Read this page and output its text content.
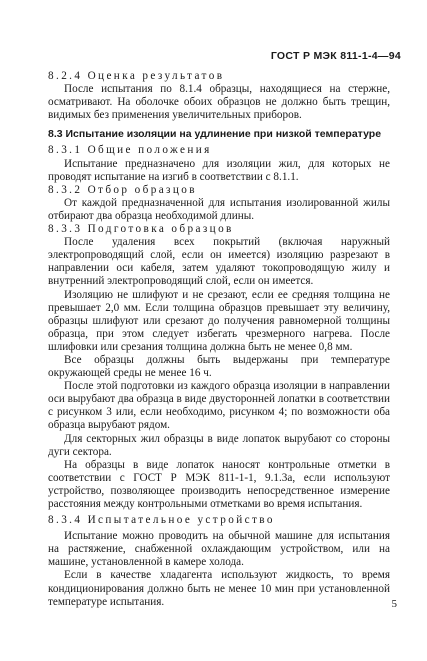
ГОСТ Р МЭК 811-1-4—94

8.2.4 Оценка результатов

После испытания по 8.1.4 образцы, находящиеся на стержне, осматривают. На оболочке обоих образцов не должно быть трещин, видимых без применения увеличительных приборов.

8.3 Испытание изоляции на удлинение при низкой температуре

8.3.1 Общие положения

Испытание предназначено для изоляции жил, для которых не проводят испытание на изгиб в соответствии с 8.1.1.

8.3.2 Отбор образцов

От каждой предназначенной для испытания изолированной жилы отбирают два образца необходимой длины.

8.3.3 Подготовка образцов

После удаления всех покрытий (включая наружный электропроводящий слой, если он имеется) изоляцию разрезают в направлении оси кабеля, затем удаляют токопроводящую жилу и внутренний электропроводящий слой, если он имеется.

Изоляцию не шлифуют и не срезают, если ее средняя толщина не превышает 2,0 мм. Если толщина образцов превышает эту величину, образцы шлифуют или срезают до получения равномерной толщины образца, при этом следует избегать чрезмерного нагрева. После шлифовки или срезания толщина должна быть не менее 0,8 мм.

Все образцы должны быть выдержаны при температуре окружающей среды не менее 16 ч.

После этой подготовки из каждого образца изоляции в направлении оси вырубают два образца в виде двусторонней лопатки в соответствии с рисунком 3 или, если необходимо, рисунком 4; по возможности оба образца вырубают рядом.

Для секторных жил образцы в виде лопаток вырубают со стороны дуги сектора.

На образцы в виде лопаток наносят контрольные отметки в соответствии с ГОСТ Р МЭК 811-1-1, 9.1.3а, если используют устройство, позволяющее производить непосредственное измерение расстояния между контрольными отметками во время испытания.

8.3.4 Испытательное устройство

Испытание можно проводить на обычной машине для испытания на растяжение, снабженной охлаждающим устройством, или на машине, установленной в камере холода.

Если в качестве хладагента используют жидкость, то время кондиционирования должно быть не менее 10 мин при установленной температуре испытания.	5
